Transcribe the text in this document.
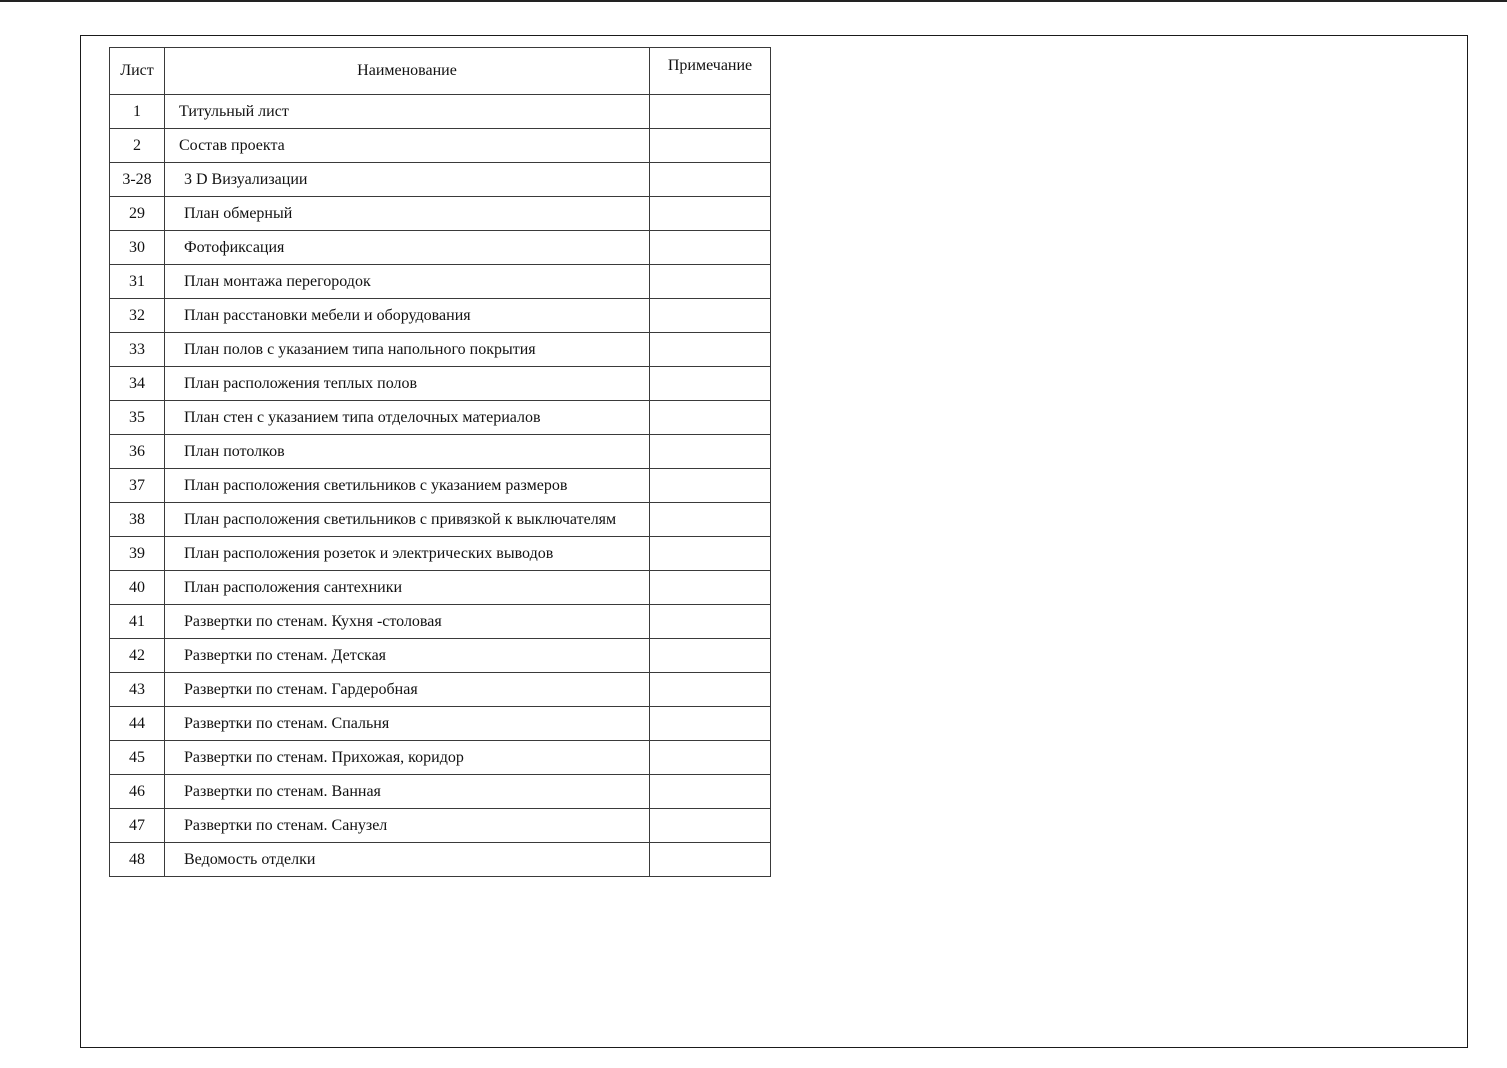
Лист	Наименование	Примечание
1	Титульный лист	
2	Состав проекта	
3-28	3 D Визуализации	
29	План обмерный	
30	Фотофиксация	
31	План монтажа перегородок	
32	План расстановки мебели и оборудования	
33	План полов с указанием типа напольного покрытия	
34	План расположения теплых полов	
35	План стен с указанием типа отделочных материалов	
36	План потолков	
37	План расположения светильников с указанием размеров	
38	План расположения светильников с привязкой к выключателям	
39	План расположения розеток и электрических выводов	
40	План расположения сантехники	
41	Развертки по стенам. Кухня -столовая	
42	Развертки по стенам. Детская	
43	Развертки по стенам. Гардеробная	
44	Развертки по стенам. Спальня	
45	Развертки по стенам. Прихожая, коридор	
46	Развертки по стенам. Ванная	
47	Развертки по стенам. Санузел	
48	Ведомость отделки	
